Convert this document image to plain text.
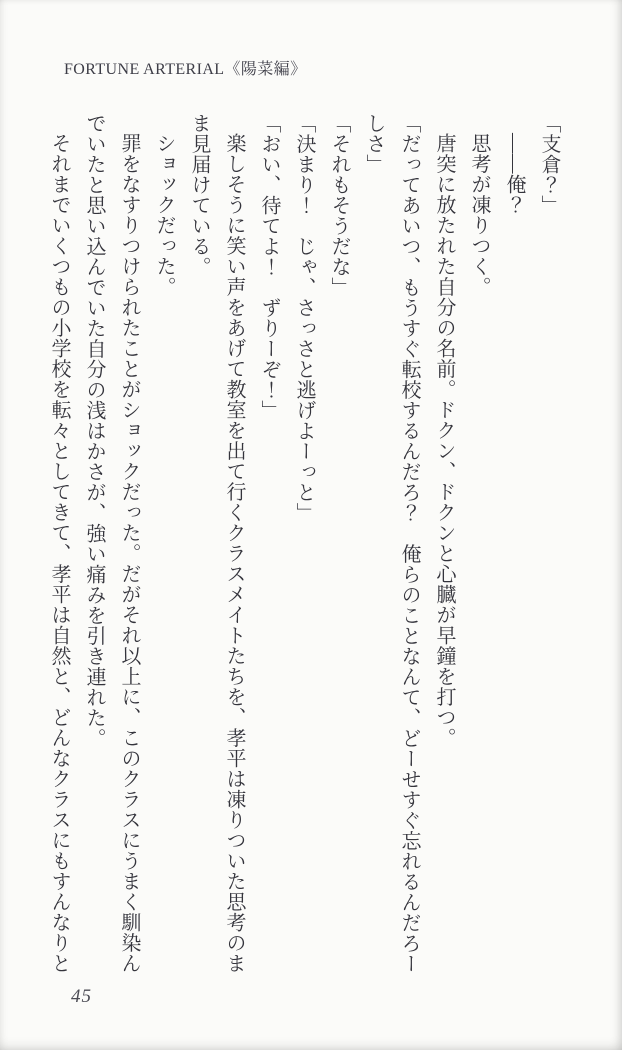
FORTUNE ARTERIAL《陽菜編》

「支倉？」

――俺？

思考が凍りつく。

唐突に放たれた自分の名前。ドクン、ドクンと心臓が早鐘を打つ。

「だってあいつ、もうすぐ転校するんだろ？　俺らのことなんて、どーせすぐ忘れるんだろー

しさ」

「それもそうだな」

「決まり！　じゃ、さっさと逃げよーっと」

「おい、待てよ！　ずりーぞ！」

楽しそうに笑い声をあげて教室を出て行くクラスメイトたちを、孝平は凍りついた思考のま

ま見届けている。

ショックだった。

罪をなすりつけられたことがショックだった。だがそれ以上に、このクラスにうまく馴染ん

でいたと思い込んでいた自分の浅はかさが、強い痛みを引き連れた。

それまでいくつもの小学校を転々としてきて、孝平は自然と、どんなクラスにもすんなりと

45
